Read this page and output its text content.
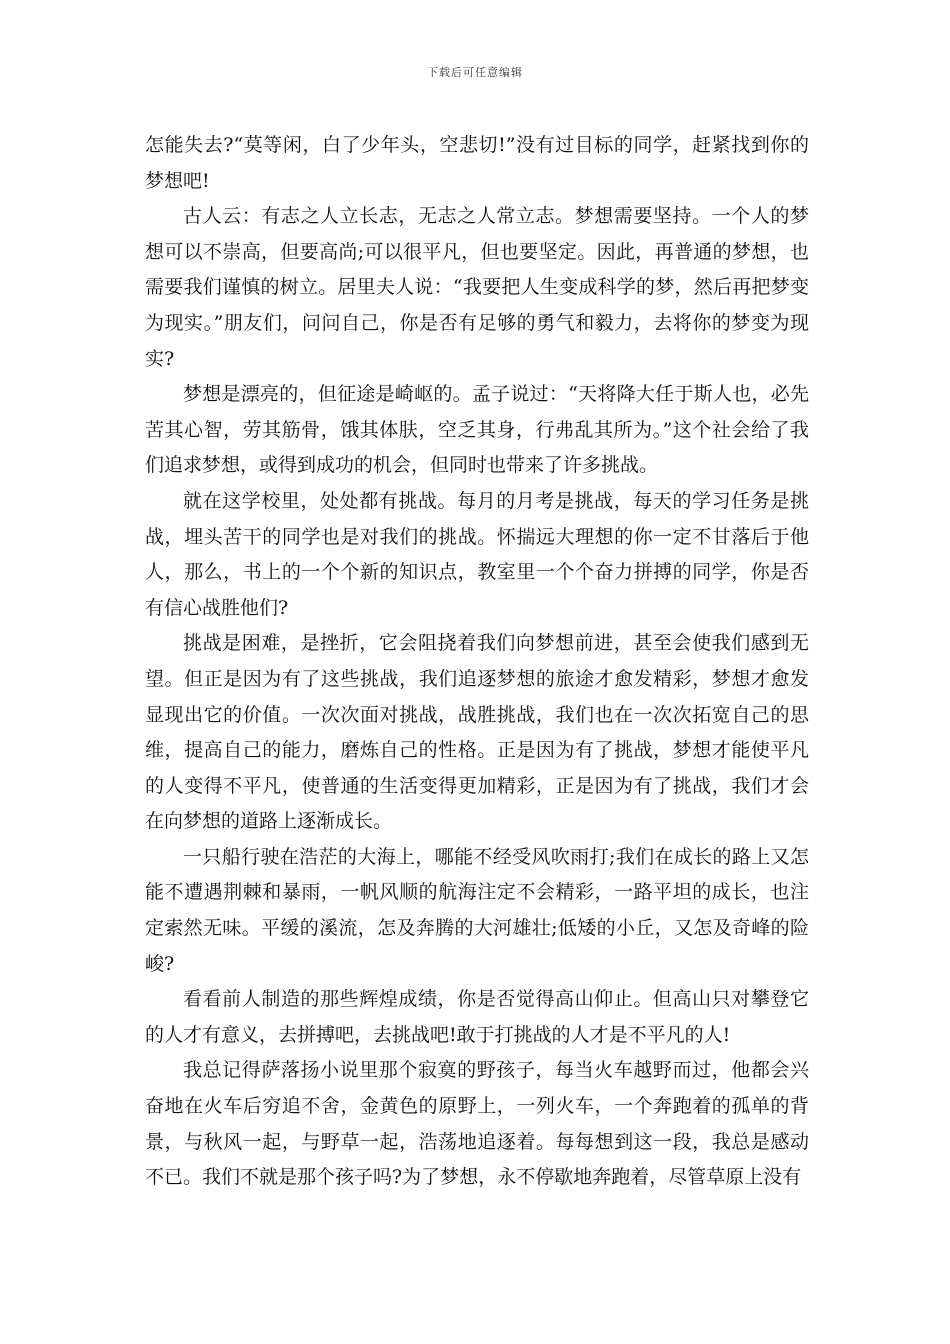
下载后可任意编辑

怎能失去?“莫等闲，白了少年头，空悲切!”没有过目标的同学，赶紧找到你的梦想吧!

古人云：有志之人立长志，无志之人常立志。梦想需要坚持。一个人的梦想可以不崇高，但要高尚;可以很平凡，但也要坚定。因此，再普通的梦想，也需要我们谨慎的树立。居里夫人说：“我要把人生变成科学的梦，然后再把梦变为现实。”朋友们，问问自己，你是否有足够的勇气和毅力，去将你的梦变为现实?

梦想是漂亮的，但征途是崎岖的。孟子说过：“天将降大任于斯人也，必先苦其心智，劳其筋骨，饿其体肤，空乏其身，行弗乱其所为。”这个社会给了我们追求梦想，或得到成功的机会，但同时也带来了许多挑战。

就在这学校里，处处都有挑战。每月的月考是挑战，每天的学习任务是挑战，埋头苦干的同学也是对我们的挑战。怀揣远大理想的你一定不甘落后于他人，那么，书上的一个个新的知识点，教室里一个个奋力拼搏的同学，你是否有信心战胜他们?

挑战是困难，是挫折，它会阻挠着我们向梦想前进，甚至会使我们感到无望。但正是因为有了这些挑战，我们追逐梦想的旅途才愈发精彩，梦想才愈发显现出它的价值。一次次面对挑战，战胜挑战，我们也在一次次拓宽自己的思维，提高自己的能力，磨炼自己的性格。正是因为有了挑战，梦想才能使平凡的人变得不平凡，使普通的生活变得更加精彩，正是因为有了挑战，我们才会在向梦想的道路上逐渐成长。

一只船行驶在浩茫的大海上，哪能不经受风吹雨打;我们在成长的路上又怎能不遭遇荆棘和暴雨，一帆风顺的航海注定不会精彩，一路平坦的成长，也注定索然无味。平缓的溪流，怎及奔腾的大河雄壮;低矮的小丘，又怎及奇峰的险峻?

看看前人制造的那些辉煌成绩，你是否觉得高山仰止。但高山只对攀登它的人才有意义，去拼搏吧，去挑战吧!敢于打挑战的人才是不平凡的人!

我总记得萨落扬小说里那个寂寞的野孩子，每当火车越野而过，他都会兴奋地在火车后穷追不舍，金黄色的原野上，一列火车，一个奔跑着的孤单的背景，与秋风一起，与野草一起，浩荡地追逐着。每每想到这一段，我总是感动不已。我们不就是那个孩子吗?为了梦想，永不停歇地奔跑着，尽管草原上没有
